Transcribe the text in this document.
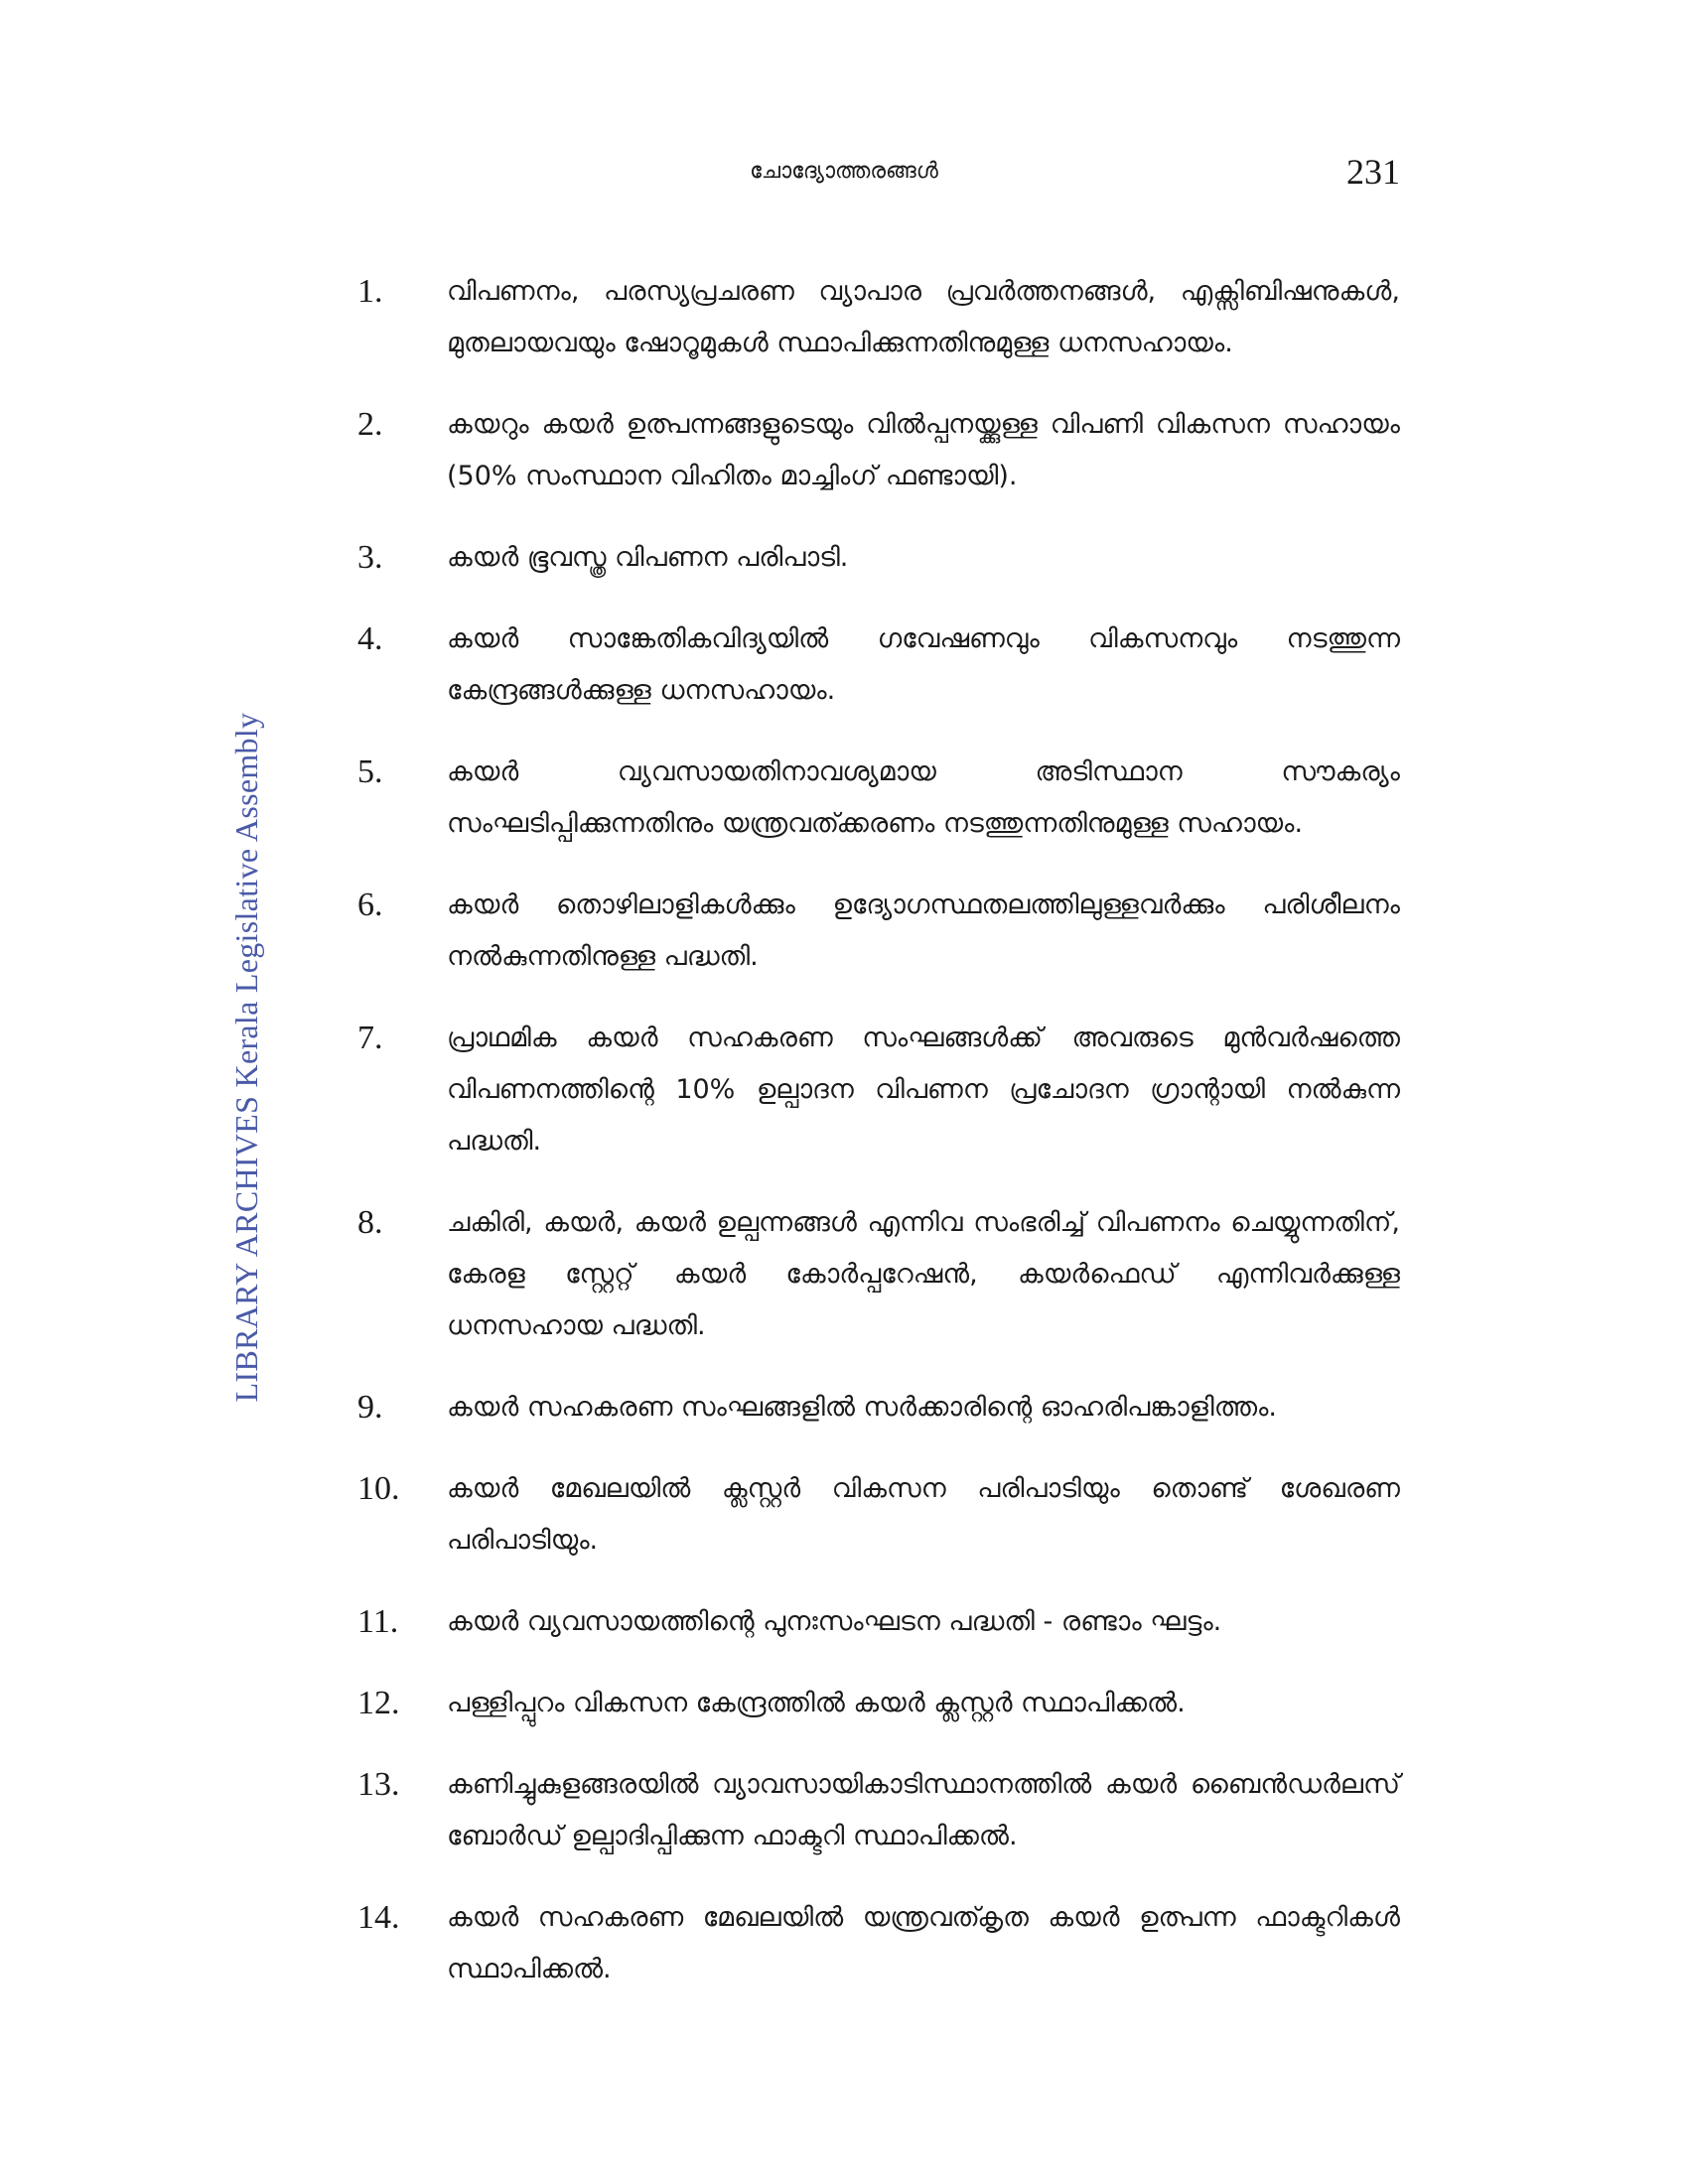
ചോദ്യോത്തരങ്ങൾ	231
LIBRARY ARCHIVES Kerala Legislative Assembly
1.	വിപണനം, പരസ്യപ്രചരണ വ്യാപാര പ്രവർത്തനങ്ങൾ, എക്സിബിഷനുകൾ, മുതലായവയും ഷോറൂമുകൾ സ്ഥാപിക്കുന്നതിനുമുള്ള ധനസഹായം.
2.	കയറും കയർ ഉത്പന്നങ്ങളുടെയും വിൽപ്പനയ്ക്കുള്ള വിപണി വികസന സഹായം (50% സംസ്ഥാന വിഹിതം മാച്ചിംഗ് ഫണ്ടായി).
3.	കയർ ഭൂവസ്ത്ര വിപണന പരിപാടി.
4.	കയർ സാങ്കേതികവിദ്യയിൽ ഗവേഷണവും വികസനവും നടത്തുന്ന കേന്ദ്രങ്ങൾക്കുള്ള ധനസഹായം.
5.	കയർ വ്യവസായതിനാവശ്യമായ അടിസ്ഥാന സൗകര്യം സംഘടിപ്പിക്കുന്നതിനും യന്ത്രവത്ക്കരണം നടത്തുന്നതിനുമുള്ള സഹായം.
6.	കയർ തൊഴിലാളികൾക്കും ഉദ്യോഗസ്ഥതലത്തിലുള്ളവർക്കും പരിശീലനം നൽകുന്നതിനുള്ള പദ്ധതി.
7.	പ്രാഥമിക കയർ സഹകരണ സംഘങ്ങൾക്ക് അവരുടെ മുൻവർഷത്തെ വിപണനത്തിന്റെ 10% ഉല്പാദന വിപണന പ്രചോദന ഗ്രാന്റായി നൽകുന്ന പദ്ധതി.
8.	ചകിരി, കയർ, കയർ ഉല്പന്നങ്ങൾ എന്നിവ സംഭരിച്ച് വിപണനം ചെയ്യുന്നതിന്, കേരള സ്റ്റേറ്റ് കയർ കോർപ്പറേഷൻ, കയർഫെഡ് എന്നിവർക്കുള്ള ധനസഹായ പദ്ധതി.
9.	കയർ സഹകരണ സംഘങ്ങളിൽ സർക്കാരിന്റെ ഓഹരിപങ്കാളിത്തം.
10.	കയർ മേഖലയിൽ ക്ലസ്റ്റർ വികസന പരിപാടിയും തൊണ്ട് ശേഖരണ പരിപാടിയും.
11.	കയർ വ്യവസായത്തിന്റെ പുനഃസംഘടന പദ്ധതി - രണ്ടാം ഘട്ടം.
12.	പള്ളിപ്പുറം വികസന കേന്ദ്രത്തിൽ കയർ ക്ലസ്റ്റർ സ്ഥാപിക്കൽ.
13.	കണിച്ചുകുളങ്ങരയിൽ വ്യാവസായികാടിസ്ഥാനത്തിൽ കയർ ബൈൻഡർലസ് ബോർഡ് ഉല്പാദിപ്പിക്കുന്ന ഫാക്ടറി സ്ഥാപിക്കൽ.
14.	കയർ സഹകരണ മേഖലയിൽ യന്ത്രവത്കൃത കയർ ഉത്പന്ന ഫാക്ടറികൾ സ്ഥാപിക്കൽ.
